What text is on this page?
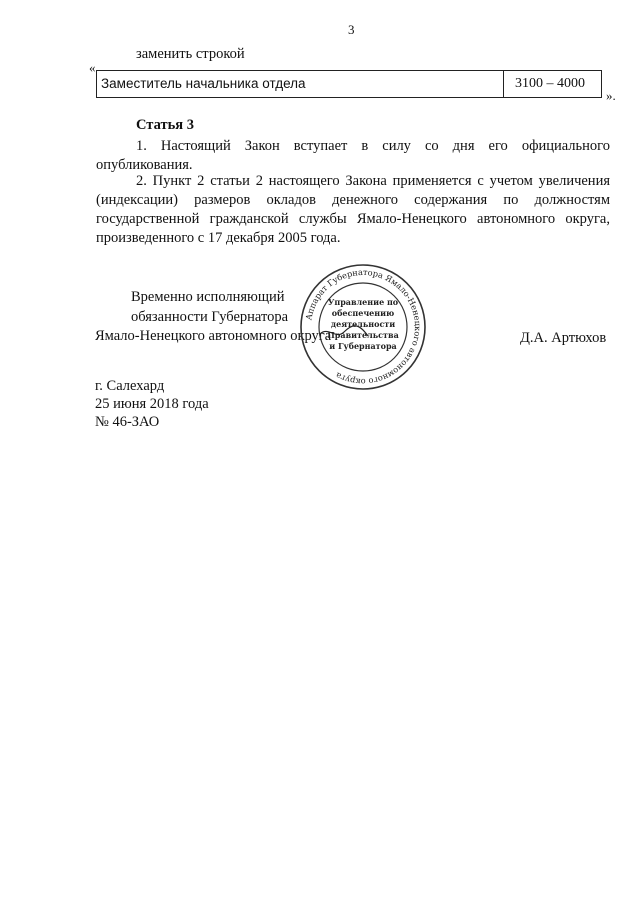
3
заменить строкой
«
Заместитель начальника отдела	3100 – 4000
».
Статья 3
1. Настоящий Закон вступает в силу со дня его официального опубликования.
2. Пункт 2 статьи 2 настоящего Закона применяется с учетом увеличения (индексации) размеров окладов денежного содержания по должностям государственной гражданской службы Ямало-Ненецкого автономного округа, произведенного с 17 декабря 2005 года.
Временно исполняющий
обязанности Губернатора
Ямало-Ненецкого автономного округа	Д.А. Артюхов
Аппарат Губернатора Ямало-Ненецкого автономного округа
Управление по
обеспечению
деятельности
Правительства
и Губернатора
г. Салехард
25 июня 2018 года
№ 46-ЗАО
